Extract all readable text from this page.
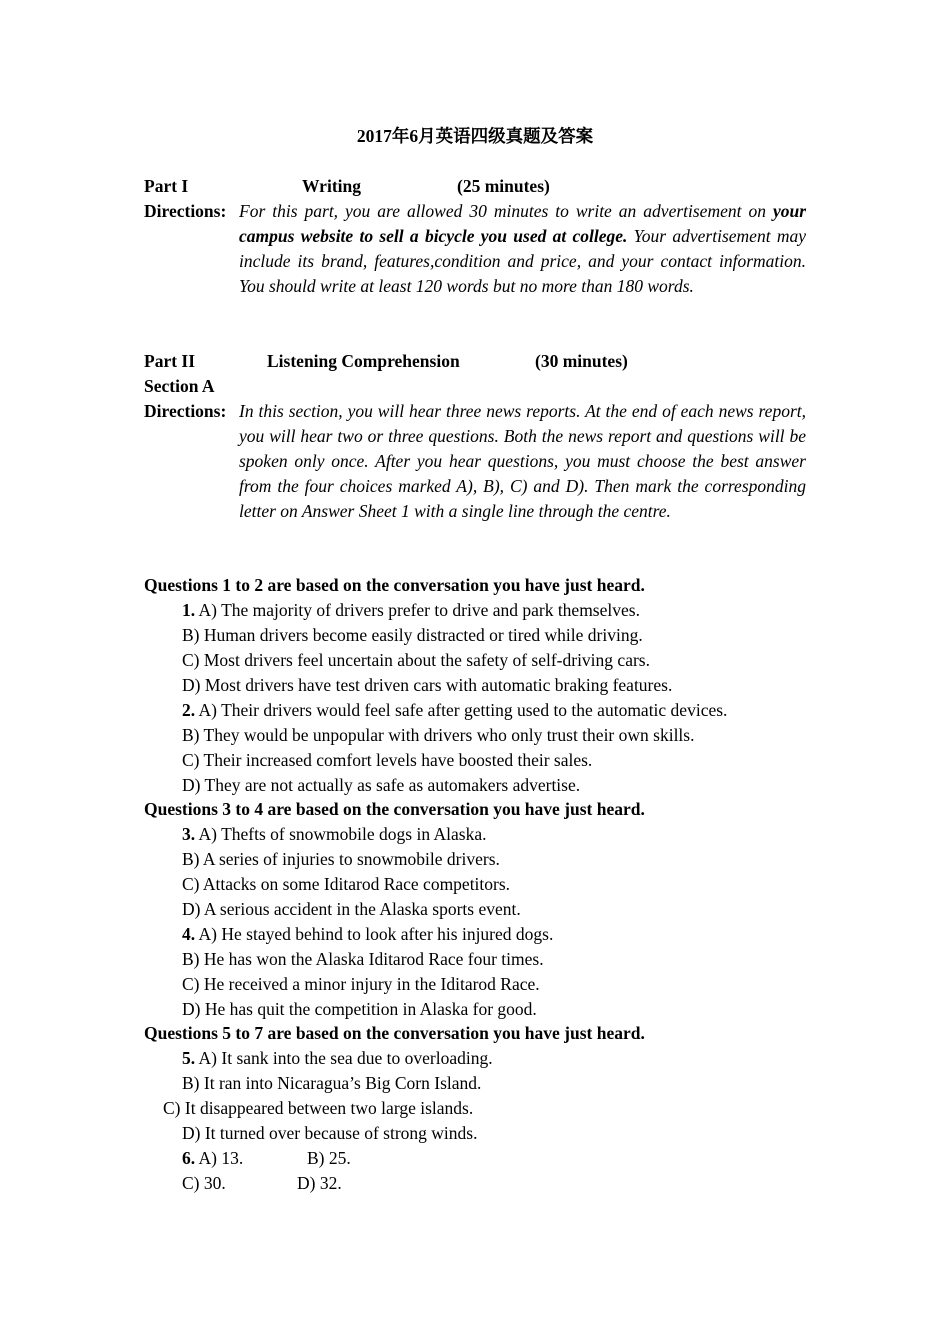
2017年6月英语四级真题及答案
Part I	Writing	(25 minutes)
Directions: For this part, you are allowed 30 minutes to write an advertisement on your campus website to sell a bicycle you used at college. Your advertisement may include its brand, features,condition and price, and your contact information. You should write at least 120 words but no more than 180 words.
Part II	Listening Comprehension	(30 minutes)
Section A
Directions: In this section, you will hear three news reports. At the end of each news report, you will hear two or three questions. Both the news report and questions will be spoken only once. After you hear questions, you must choose the best answer from the four choices marked A), B), C) and D). Then mark the corresponding letter on Answer Sheet 1 with a single line through the centre.
Questions 1 to 2 are based on the conversation you have just heard.
1. A) The majority of drivers prefer to drive and park themselves.
B) Human drivers become easily distracted or tired while driving.
C) Most drivers feel uncertain about the safety of self-driving cars.
D) Most drivers have test driven cars with automatic braking features.
2. A) Their drivers would feel safe after getting used to the automatic devices.
B) They would be unpopular with drivers who only trust their own skills.
C) Their increased comfort levels have boosted their sales.
D) They are not actually as safe as automakers advertise.
Questions 3 to 4 are based on the conversation you have just heard.
3. A) Thefts of snowmobile dogs in Alaska.
B) A series of injuries to snowmobile drivers.
C) Attacks on some Iditarod Race competitors.
D) A serious accident in the Alaska sports event.
4. A) He stayed behind to look after his injured dogs.
B) He has won the Alaska Iditarod Race four times.
C) He received a minor injury in the Iditarod Race.
D) He has quit the competition in Alaska for good.
Questions 5 to 7 are based on the conversation you have just heard.
5. A) It sank into the sea due to overloading.
B) It ran into Nicaragua’s Big Corn Island.
C) It disappeared between two large islands.
D) It turned over because of strong winds.
6. A) 13.	B) 25.
C) 30.	D) 32.
